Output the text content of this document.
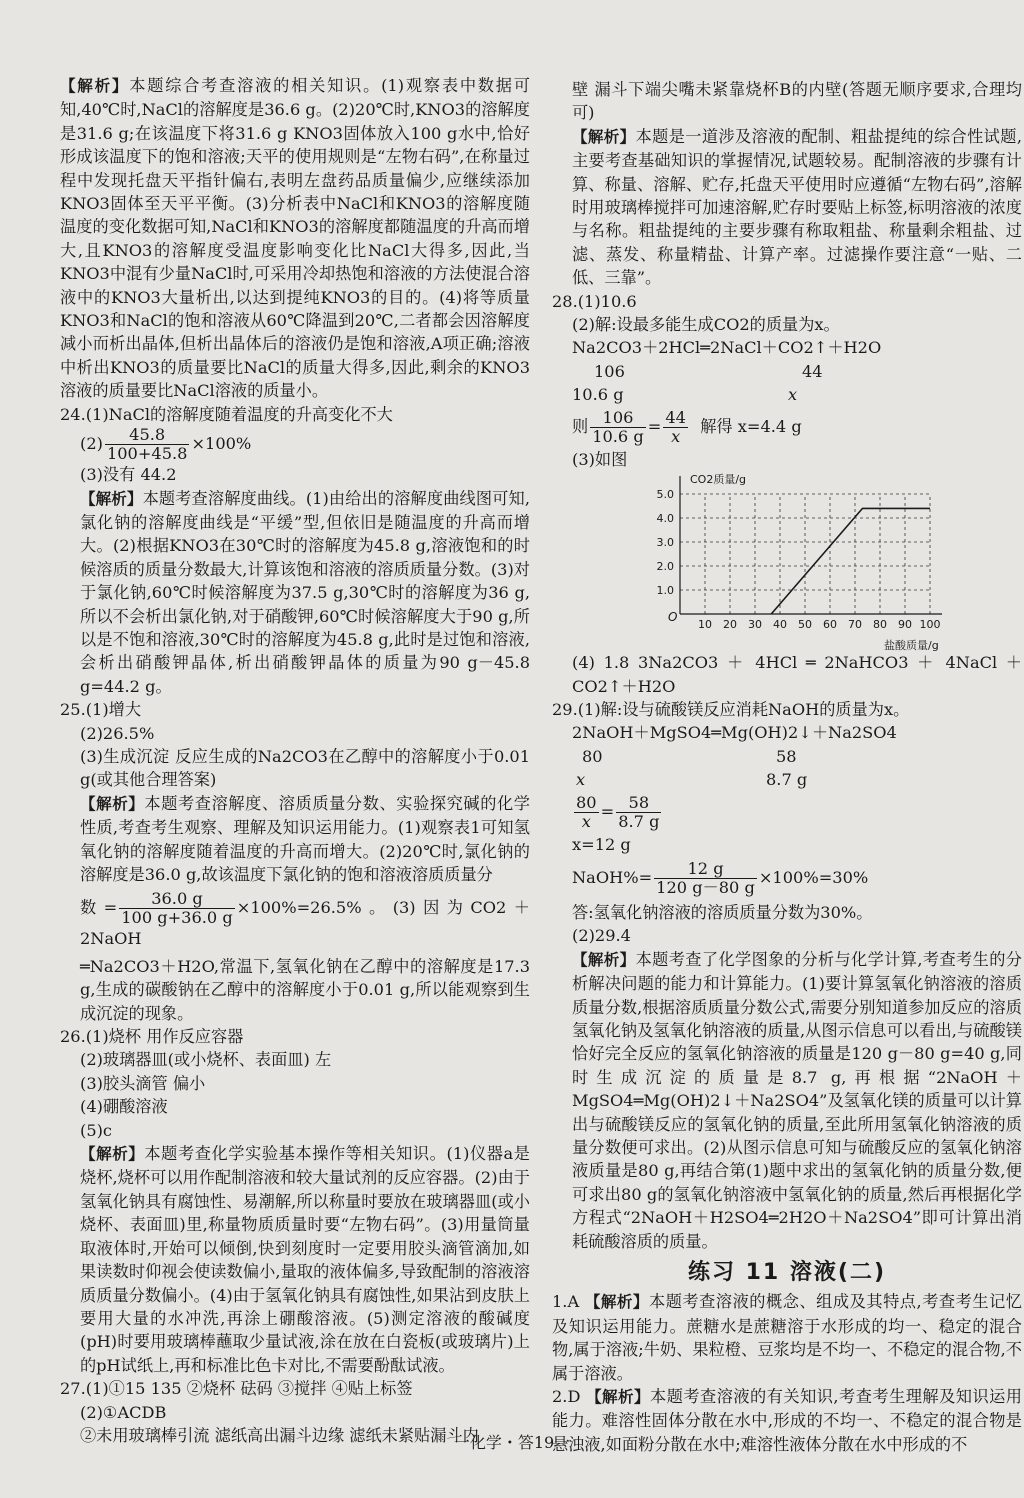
【解析】本题综合考查溶液的相关知识。(1)观察表中数据可知,40℃时,NaCl的溶解度是36.6 g。(2)20℃时,KNO3的溶解度是31.6 g;在该温度下将31.6 g KNO3固体放入100 g水中,恰好形成该温度下的饱和溶液;天平的使用规则是“左物右码”,在称量过程中发现托盘天平指针偏右,表明左盘药品质量偏少,应继续添加KNO3固体至天平平衡。(3)分析表中NaCl和KNO3的溶解度随温度的变化数据可知,NaCl和KNO3的溶解度都随温度的升高而增大,且KNO3的溶解度受温度影响变化比NaCl大得多,因此,当KNO3中混有少量NaCl时,可采用冷却热饱和溶液的方法使混合溶液中的KNO3大量析出,以达到提纯KNO3的目的。(4)将等质量KNO3和NaCl的饱和溶液从60℃降温到20℃,二者都会因溶解度减小而析出晶体,但析出晶体后的溶液仍是饱和溶液,A项正确;溶液中析出KNO3的质量要比NaCl的质量大得多,因此,剩余的KNO3溶液的质量要比NaCl溶液的质量小。

24.(1)NaCl的溶解度随着温度的升高变化不大

$(2) \frac{45.8}{100+45.8} \times 100\%$

(3)没有 44.2

【解析】本题考查溶解度曲线。(1)由给出的溶解度曲线图可知,氯化钠的溶解度曲线是“平缓”型,但依旧是随温度的升高而增大。(2)根据KNO3在30℃时的溶解度为45.8 g,溶液饱和的时候溶质的质量分数最大,计算该饱和溶液的溶质质量分数。(3)对于氯化钠,60℃时候溶解度为37.5 g,30℃时的溶解度为36 g,所以不会析出氯化钠,对于硝酸钾,60℃时候溶解度大于90 g,所以是不饱和溶液,30℃时的溶解度为45.8 g,此时是过饱和溶液,会析出硝酸钾晶体,析出硝酸钾晶体的质量为90 g－45.8 g=44.2 g。

25.(1)增大

(2)26.5%

(3)生成沉淀 反应生成的Na2CO3在乙醇中的溶解度小于0.01 g(或其他合理答案)

【解析】本题考查溶解度、溶质质量分数、实验探究碱的化学性质,考查考生观察、理解及知识运用能力。(1)观察表1可知氢氧化钠的溶解度随着温度的升高而增大。(2)20℃时,氯化钠的溶解度是36.0 g,故该温度下氯化钠的饱和溶液溶质质量分

数= $\frac{36.0 g}{100 g+36.0 g} \times 100\%=26.5\%$。(3)因为CO2＋2NaOH

═Na2CO3＋H2O,常温下,氢氧化钠在乙醇中的溶解度是17.3 g,生成的碳酸钠在乙醇中的溶解度小于0.01 g,所以能观察到生成沉淀的现象。

26.(1)烧杯 用作反应容器

(2)玻璃器皿(或小烧杯、表面皿) 左

(3)胶头滴管 偏小

(4)硼酸溶液

(5)c

【解析】本题考查化学实验基本操作等相关知识。(1)仪器a是烧杯,烧杯可以用作配制溶液和较大量试剂的反应容器。(2)由于氢氧化钠具有腐蚀性、易潮解,所以称量时要放在玻璃器皿(或小烧杯、表面皿)里,称量物质质量时要“左物右码”。(3)用量筒量取液体时,开始可以倾倒,快到刻度时一定要用胶头滴管滴加,如果读数时仰视会使读数偏小,量取的液体偏多,导致配制的溶液溶质质量分数偏小。(4)由于氢氧化钠具有腐蚀性,如果沾到皮肤上要用大量的水冲洗,再涂上硼酸溶液。(5)测定溶液的酸碱度(pH)时要用玻璃棒蘸取少量试液,涂在放在白瓷板(或玻璃片)上的pH试纸上,再和标准比色卡对比,不需要酚酞试液。

27.(1)①15 135 ②烧杯 砝码 ③搅拌 ④贴上标签

(2)①ACDB

②未用玻璃棒引流 滤纸高出漏斗边缘 滤纸未紧贴漏斗内

壁 漏斗下端尖嘴未紧靠烧杯B的内壁(答题无顺序要求,合理均可)

【解析】本题是一道涉及溶液的配制、粗盐提纯的综合性试题,主要考查基础知识的掌握情况,试题较易。配制溶液的步骤有计算、称量、溶解、贮存,托盘天平使用时应遵循“左物右码”,溶解时用玻璃棒搅拌可加速溶解,贮存时要贴上标签,标明溶液的浓度与名称。粗盐提纯的主要步骤有称取粗盐、称量剩余粗盐、过滤、蒸发、称量精盐、计算产率。过滤操作要注意“一贴、二低、三靠”。

28.(1)10.6

(2)解:设最多能生成CO2的质量为x。

Na2CO3＋2HCl═2NaCl＋CO2↑＋H2O

106	44
10.6 g	x

则 $\frac{106}{10.6 g} = \frac{44}{x}$ 解得 x=4.4 g

(3)如图

CO2质量/g
盐酸质量/g
O
10 20 30 40 50 60 70 80 90 100
1.0
2.0
3.0
4.0
5.0

(4) 1.8 3Na2CO3 ＋ 4HCl ═ 2NaHCO3 ＋ 4NaCl ＋ CO2↑＋H2O

29.(1)解:设与硫酸镁反应消耗NaOH的质量为x。

2NaOH＋MgSO4═Mg(OH)2↓＋Na2SO4

80	58
x	8.7 g

$\frac{80}{x} = \frac{58}{8.7 g}$

x=12 g

NaOH%= $\frac{12 g}{120 g-80 g} \times 100\%=30\%$

答:氢氧化钠溶液的溶质质量分数为30%。

(2)29.4

【解析】本题考查了化学图象的分析与化学计算,考查考生的分析解决问题的能力和计算能力。(1)要计算氢氧化钠溶液的溶质质量分数,根据溶质质量分数公式,需要分别知道参加反应的溶质氢氧化钠及氢氧化钠溶液的质量,从图示信息可以看出,与硫酸镁恰好完全反应的氢氧化钠溶液的质量是120 g－80 g=40 g,同时生成沉淀的质量是8.7 g,再根据“2NaOH＋MgSO4═Mg(OH)2↓＋Na2SO4”及氢氧化镁的质量可以计算出与硫酸镁反应的氢氧化钠的质量,至此所用氢氧化钠溶液的质量分数便可求出。(2)从图示信息可知与硫酸反应的氢氧化钠溶液质量是80 g,再结合第(1)题中求出的氢氧化钠的质量分数,便可求出80 g的氢氧化钠溶液中氢氧化钠的质量,然后再根据化学方程式“2NaOH＋H2SO4═2H2O＋Na2SO4”即可计算出消耗硫酸溶质的质量。

练习 11 溶液(二)

1.A 【解析】本题考查溶液的概念、组成及其特点,考查考生记忆及知识运用能力。蔗糖水是蔗糖溶于水形成的均一、稳定的混合物,属于溶液;牛奶、果粒橙、豆浆均是不均一、不稳定的混合物,不属于溶液。

2.D 【解析】本题考查溶液的有关知识,考查考生理解及知识运用能力。难溶性固体分散在水中,形成的不均一、不稳定的混合物是悬浊液,如面粉分散在水中;难溶性液体分散在水中形成的不

一化学・答19一
